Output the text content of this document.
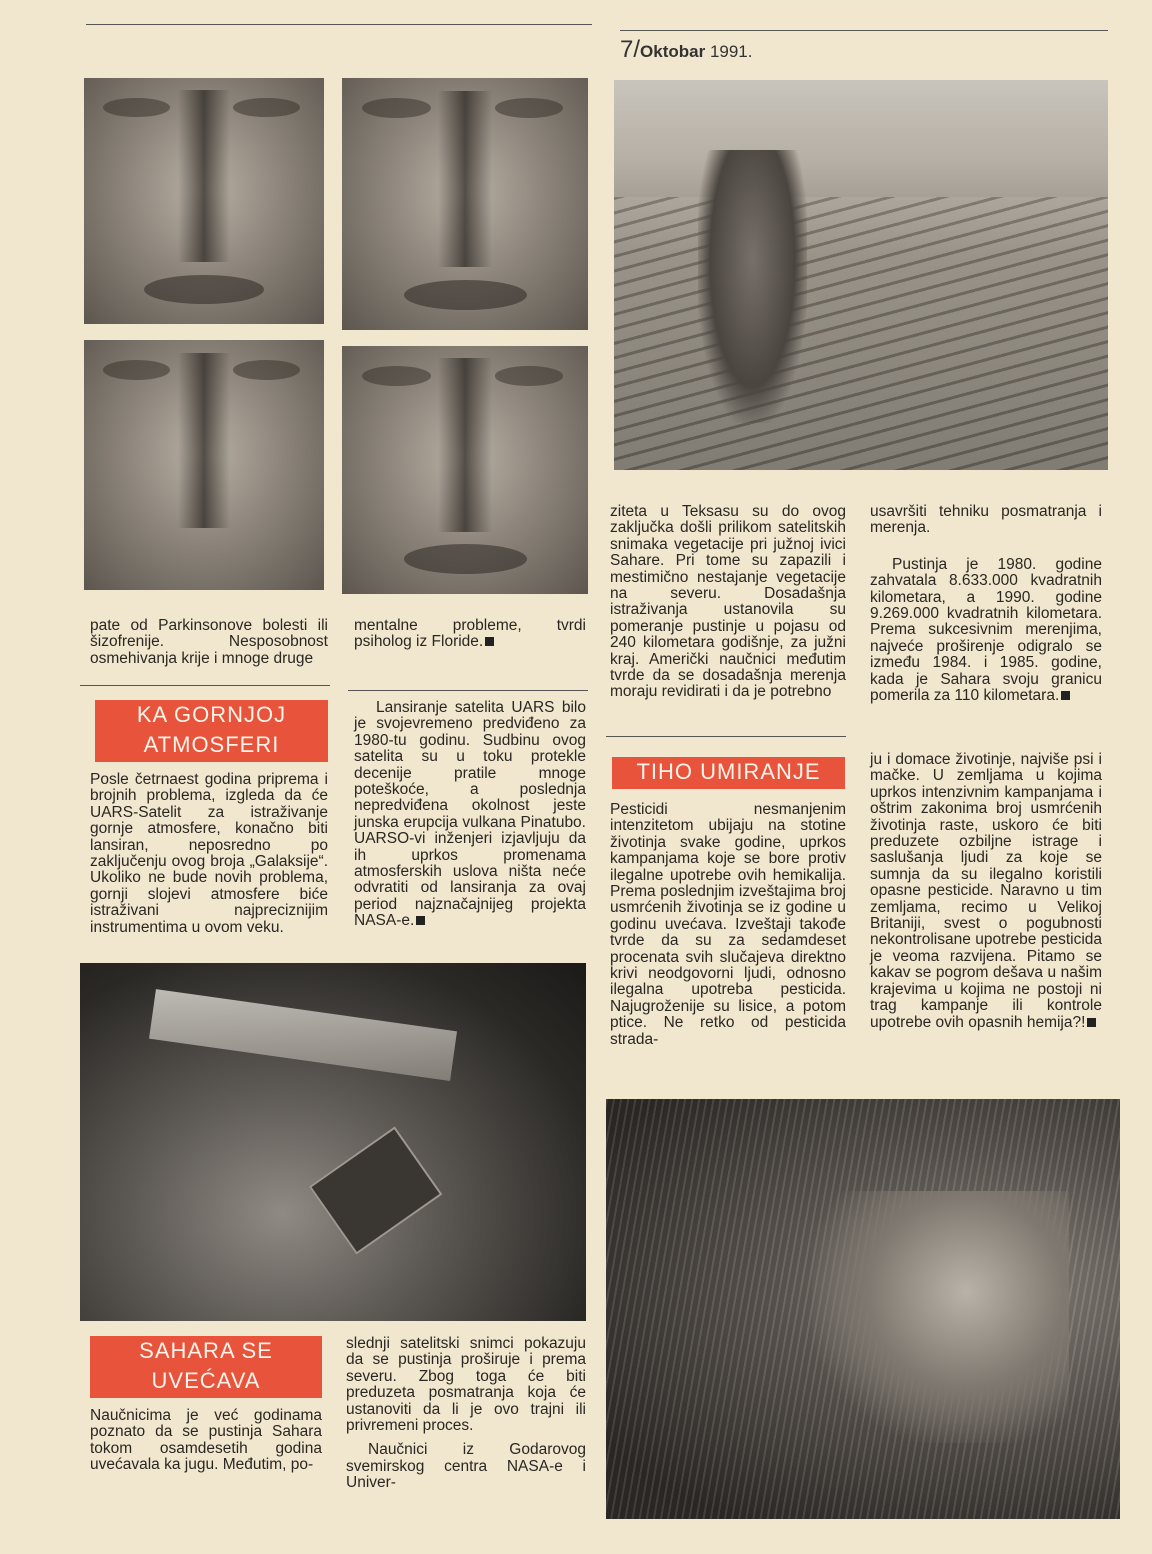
7/Oktobar 1991.

pate od Parkinsonove bolesti ili šizofrenije. Nesposobnost osmehivanja krije i mnoge druge

mentalne probleme, tvrdi psiholog iz Floride.

KA GORNJOJ ATMOSFERI

Posle četrnaest godina priprema i brojnih problema, izgleda da će UARS-Satelit za istraživanje gornje atmosfere, konačno biti lansiran, neposredno po zaključenju ovog broja „Galaksije“. Ukoliko ne bude novih problema, gornji slojevi atmosfere biće istraživani najpreciznijim instrumentima u ovom veku.

Lansiranje satelita UARS bilo je svojevremeno predviđeno za 1980-tu godinu. Sudbinu ovog satelita su u toku protekle decenije pratile mnoge poteškoće, a poslednja nepredviđena okolnost jeste junska erupcija vulkana Pinatubo. UARSO-vi inženjeri izjavljuju da ih uprkos promenama atmosferskih uslova ništa neće odvratiti od lansiranja za ovaj period najznačajnijeg projekta NASA-e.

SAHARA SE UVEĆAVA

Naučnicima je već godinama poznato da se pustinja Sahara tokom osamdesetih godina uvećavala ka jugu. Međutim, po-

slednji satelitski snimci pokazuju da se pustinja proširuje i prema severu. Zbog toga će biti preduzeta posmatranja koja će ustanoviti da li je ovo trajni ili privremeni proces.

Naučnici iz Godarovog svemirskog centra NASA-e i Univer-

ziteta u Teksasu su do ovog zaključka došli prilikom satelitskih snimaka vegetacije pri južnoj ivici Sahare. Pri tome su zapazili i mestimično nestajanje vegetacije na severu. Dosadašnja istraživanja ustanovila su pomeranje pustinje u pojasu od 240 kilometara godišnje, za južni kraj. Američki naučnici međutim tvrde da se dosadašnja merenja moraju revidirati i da je potrebno

usavršiti tehniku posmatranja i merenja.

Pustinja je 1980. godine zahvatala 8.633.000 kvadratnih kilometara, a 1990. godine 9.269.000 kvadratnih kilometara. Prema sukcesivnim merenjima, najveće proširenje odigralo se između 1984. i 1985. godine, kada je Sahara svoju granicu pomerila za 110 kilometara.

TIHO UMIRANJE

Pesticidi nesmanjenim intenzitetom ubijaju na stotine životinja svake godine, uprkos kampanjama koje se bore protiv ilegalne upotrebe ovih hemikalija. Prema poslednjim izveštajima broj usmrćenih životinja se iz godine u godinu uvećava. Izveštaji takođe tvrde da su za sedamdeset procenata svih slučajeva direktno krivi neodgovorni ljudi, odnosno ilegalna upotreba pesticida. Najugroženije su lisice, a potom ptice. Ne retko od pesticida strada-

ju i domace životinje, najviše psi i mačke. U zemljama u kojima uprkos intenzivnim kampanjama i oštrim zakonima broj usmrćenih životinja raste, uskoro će biti preduzete ozbiljne istrage i saslušanja ljudi za koje se sumnja da su ilegalno koristili opasne pesticide. Naravno u tim zemljama, recimo u Velikoj Britaniji, svest o pogubnosti nekontrolisane upotrebe pesticida je veoma razvijena. Pitamo se kakav se pogrom dešava u našim krajevima u kojima ne postoji ni trag kampanje ili kontrole upotrebe ovih opasnih hemija?!
